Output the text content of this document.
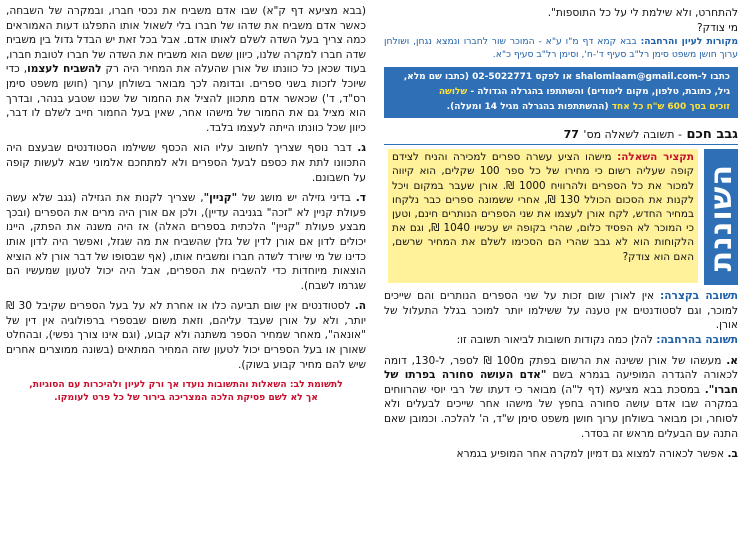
להתחרט, ולא שילמת לי על כל התוספות".

מי צודק?

מקורות לעיון והרחבה: בבא קמא דף מ"ו ע"א - המוכר שור לחברו ונמצא נגחן, ושולחן ערוך חושן משפט סימן רל"ב סעיף ד'-ח', וסימן רל"ב סעיף כ"א.

כתבו ל-shalomlaam@gmail.com או לפקס 02-5022771 (כתבו שם מלא,
גיל, כתובת, טלפון, מקום לימודים) והשתתפו בהגרלה הגדולה - שלושה
זוכים בסך 600 ש"ח כל אחד (ההשתתפות בהגרלה מגיל 14 ומעלה).
גבב חכם - תשובה לשאלה מס' 77
השוננת
תקציר השאלה: מישהו הציע עשרה ספרים למכירה והניח לצידם קופה שעליה רשום כי מחירו של כל ספר 100 שקלים, הוא קיווה למכור את כל הספרים ולהרוויח 1000 ₪. אורן שעבר במקום ויכל לקנות את הסכום הכולל 130 ₪, אחרי ששמונה ספרים כבר נלקחו במחיר החדש, לקח אורן לעצמו את שני הספרים הנותרים חינם, וטען כי המוכר לא הפסיד כלום, שהרי בקופה יש עכשיו 1040 ₪, וגם את הלקוחות הוא לא גבב שהרי הם הסכימו לשלם את המחיר שרשם, האם הוא צודק?

תשובה בקצרה: אין לאורן שום זכות על שני הספרים הנותרים והם שייכים למוכר, וגם לסטודנטים אין טענה על ששילמו יותר למוכר בגלל התעלול של אורן.

תשובה בהרחבה: להלן כמה נקודות חשובות לביאור תשובה זו:

א. מעשהו של אורן ששינה את הרשום בפתק מ100 ₪ לספר, ל-130, דומה לכאורה להגדרה המופיעה בגמרא בשם "אדם העושה סחורה בפרתו של חברו". במסכת בבא מציעא (דף ל"ה) מבואר כי דעתו של רבי יוסי שהרווחים במקרה שבו אדם עושה סחורה בחפץ של מישהו אחר שייכים לבעלים ולא לסוחר, וכן מבואר בשולחן ערוך חושן משפט סימן ש"ד, ה' להלכה. וכמובן שאם התנה עם הבעלים מראש זה בסדר.

ב. אפשר לכאורה למצוא גם דמיון למקרה אחר המופיע בגמרא

(בבא מציעא דף ק"א) שבו אדם משביח את נכסי חברו, ובמקרה של השבחה, כאשר אדם משביח את שדהו של חברו בלי לשאול אותו התפלגו דעות האמוראים כמה צריך בעל השדה לשלם לאותו אדם. אבל בכל זאת יש הבדל גדול בין משביח שדה חברו למקרה שלנו, כיוון ששם הוא משביח את השדה של חברו לטובת חברו, בעוד שכאן כל כוונתו של אורן שהעלה את המחיר היה רק להשביח לעצמו, כדי שיוכל לזכות בשני ספרים. ובדומה לכך מבואר בשולחן ערוך (חושן משפט סימן רס"ד, ד') שכאשר אדם מתכוון להציל את החמור של שכנו שטבע בנהר, ובדרך הוא מציל גם את החמור של מישהו אחר, שאין בעל החמור חייב לשלם לו דבר, כיוון שכל כוונתו הייתה לעצמו בלבד.

ג. דבר נוסף שצריך לחשוב עליו הוא הכסף ששילמו הסטודנטים שבעצם היה התכוונו לתת את כספם לבעל הספרים ולא למתחכם אלמוני שבא לעשות קופה על חשבונם.

ד. בדיני גזילה יש מושג של "קניין", שצריך לקנות את הגזילה (גגב שלא עשה פעולת קניין לא "זכה" בגניבה עדיין), ולכן אם אורן היה מרים את הספרים (ובכך מבצע פעולת "קניין" הלכתית בספרים האלה) אז היה משנה את הפתק, היינו יכולים לדון אם אורן לדין של גזלן שהשביח את מה שגזל, ואפשר היה לדון אותו כדינו של מי שיורד לשדה חברו ומשביח אותו, (אף שבסופו של דבר אורן לא הוציא הוצאות מיוחדות כדי להשביח את הספרים, אבל היה יכול לטעון שמעשיו הם שגרמו לשבח).

ה. לסטודנטים אין שום תביעה כלו או אחרת לא על בעל הספרים שקיבל 30 ₪ יותר, ולא על אורן שעבד עליהם, וזאת משום שבספרי ברפולוגיה אין דין של "אונאה", מאחר שמחיר הספר משתנה ולא קבוע, (וגם אינו צורך נפשי), ובהחלט שאורן או בעל הספרים יכול לטעון שזה המחיר המתאים (בשונה ממוצרים אחרים שיש להם מחיר קבוע בשוק).

לתשומת לב: השאלות והתשובות נועדו אך ורק לעיון ולהיכרות עם הסוגיות,

אך לא לשם פסיקת הלכה המצריכה בירור של כל פרט לעומקו.
